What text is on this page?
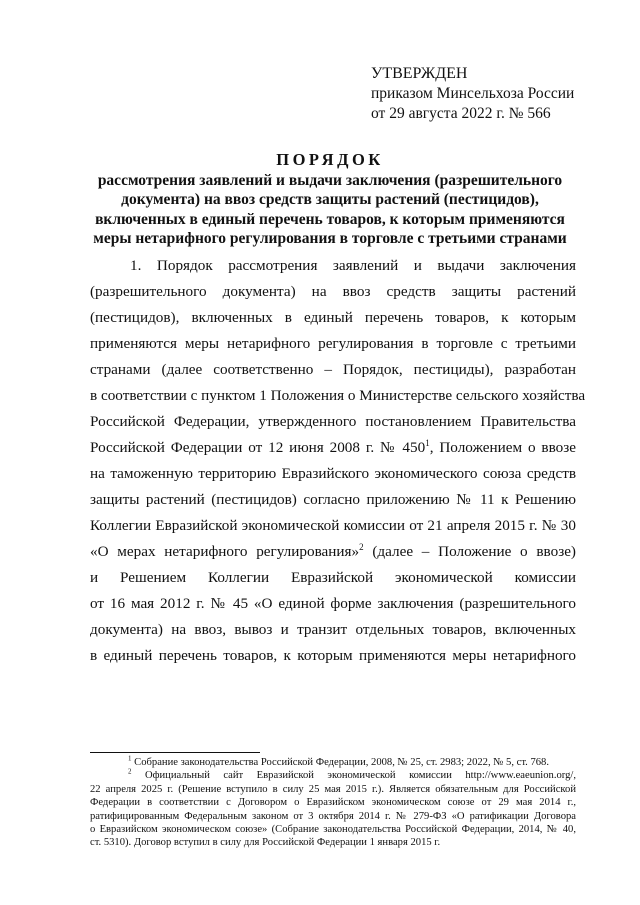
УТВЕРЖДЕН
приказом Минсельхоза России
от 29 августа 2022 г. № 566
ПОРЯДОК
рассмотрения заявлений и выдачи заключения (разрешительного
документа) на ввоз средств защиты растений (пестицидов),
включенных в единый перечень товаров, к которым применяются
меры нетарифного регулирования в торговле с третьими странами
1. Порядок рассмотрения заявлений и выдачи заключения
(разрешительного документа) на ввоз средств защиты растений
(пестицидов), включенных в единый перечень товаров, к которым
применяются меры нетарифного регулирования в торговле с третьими
странами (далее соответственно – Порядок, пестициды), разработан
в соответствии с пунктом 1 Положения о Министерстве сельского хозяйства
Российской Федерации, утвержденного постановлением Правительства
Российской Федерации от 12 июня 2008 г. № $450^1$, Положением о ввозе
на таможенную территорию Евразийского экономического союза средств
защиты растений (пестицидов) согласно приложению № 11 к Решению
Коллегии Евразийской экономической комиссии от 21 апреля 2015 г. № 30
«О мерах нетарифного регулирования»$^2$ (далее – Положение о ввозе)
и Решением Коллегии Евразийской экономической комиссии
от 16 мая 2012 г. № 45 «О единой форме заключения (разрешительного
документа) на ввоз, вывоз и транзит отдельных товаров, включенных
в единый перечень товаров, к которым применяются меры нетарифного
$^1$ Собрание законодательства Российской Федерации, 2008, № 25, ст. 2983; 2022, № 5, ст. 768.
$^2$ Официальный сайт Евразийской экономической комиссии http://www.eaeunion.org/,
22 апреля 2025 г. (Решение вступило в силу 25 мая 2015 г.). Является обязательным для Российской
Федерации в соответствии с Договором о Евразийском экономическом союзе от 29 мая 2014 г.,
ратифицированным Федеральным законом от 3 октября 2014 г. № 279-ФЗ «О ратификации Договора
о Евразийском экономическом союзе» (Собрание законодательства Российской Федерации, 2014, № 40,
ст. 5310). Договор вступил в силу для Российской Федерации 1 января 2015 г.
